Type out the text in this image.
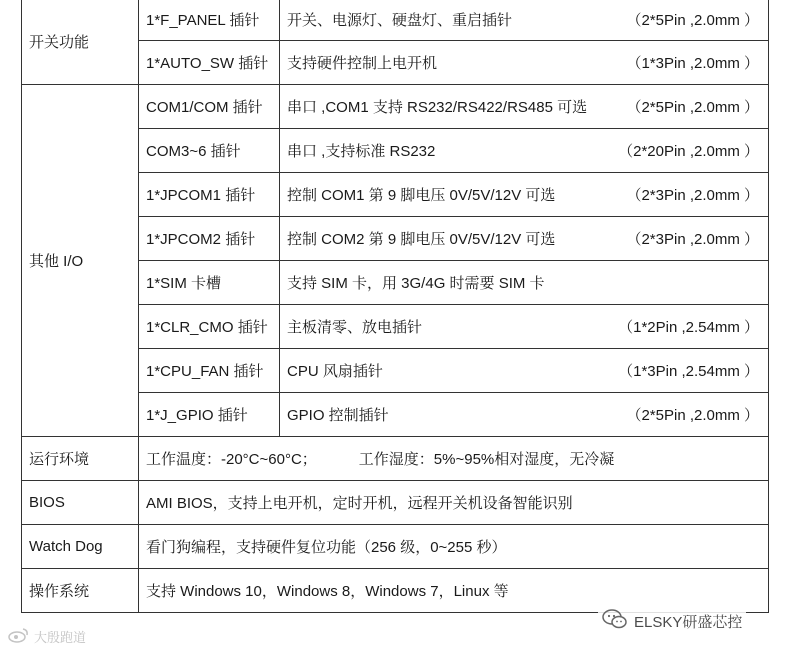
开关功能	1*F_PANEL 插针	开关、电源灯、硬盘灯、重启插针 （2*5Pin ,2.0mm ）

	1*AUTO_SW 插针	支持硬件控制上电开机 （1*3Pin ,2.0mm ）

其他 I/O	COM1/COM 插针	串口 ,COM1 支持 RS232/RS422/RS485 可选 （2*5Pin ,2.0mm ）

	COM3~6 插针	串口 ,支持标准 RS232 （2*20Pin ,2.0mm ）

	1*JPCOM1 插针	控制 COM1 第 9 脚电压 0V/5V/12V 可选 （2*3Pin ,2.0mm ）

	1*JPCOM2 插针	控制 COM2 第 9 脚电压 0V/5V/12V 可选 （2*3Pin ,2.0mm ）

	1*SIM 卡槽	支持 SIM 卡，用 3G/4G 时需要 SIM 卡

	1*CLR_CMO 插针	主板清零、放电插针 （1*2Pin ,2.54mm ）

	1*CPU_FAN 插针	CPU 风扇插针 （1*3Pin ,2.54mm ）

	1*J_GPIO 插针	GPIO 控制插针 （2*5Pin ,2.0mm ）

运行环境	工作温度：-20°C~60°C； 工作湿度：5%~95%相对湿度，无冷凝	
BIOS	AMI BIOS，支持上电开机，定时开机，远程开关机设备智能识别	
Watch Dog	看门狗编程，支持硬件复位功能（256 级，0~255 秒）	
操作系统	支持 Windows 10，Windows 8，Windows 7，Linux 等	
大殷跑道
ELSKY研盛芯控
